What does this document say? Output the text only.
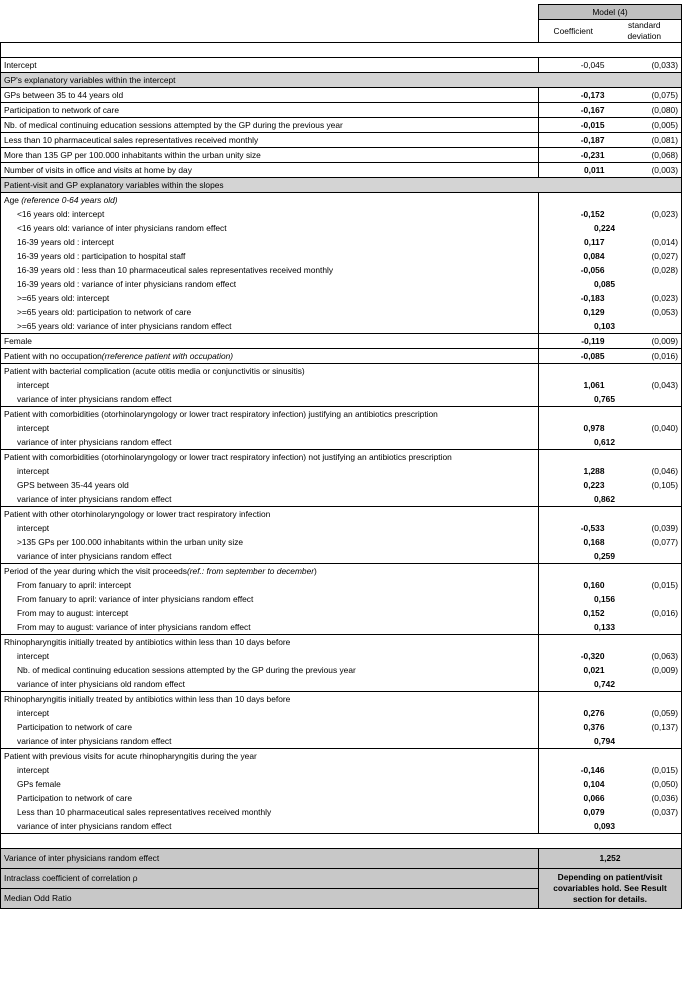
	Model (4)	
	Coefficient	standard
deviation

Intercept	-0,045	(0,033)
GP's explanatory variables within the intercept		
GPs between 35 to 44 years old	-0,173	(0,075)
Participation to network of care	-0,167	(0,080)
Nb. of medical continuing education sessions attempted by the GP during the previous year	-0,015	(0,005)
Less than 10 pharmaceutical sales representatives received monthly	-0,187	(0,081)
More than 135 GP per 100.000 inhabitants within the urban unity size	-0,231	(0,068)
Number of visits in office and visits at home by day	0,011	(0,003)
Patient-visit and GP explanatory variables within the slopes		
Age (reference 0-64 years old)		
<16 years old: intercept	-0,152	(0,023)
<16 years old: variance of inter physicians random effect	0,224	
16-39 years old : intercept	0,117	(0,014)
16-39 years old : participation to hospital staff	0,084	(0,027)
16-39 years old : less than 10 pharmaceutical sales representatives received monthly	-0,056	(0,028)
16-39 years old : variance of inter physicians random effect	0,085	
>=65 years old: intercept	-0,183	(0,023)
>=65 years old: participation to network of care	0,129	(0,053)
>=65 years old: variance of inter physicians random effect	0,103	
Female	-0,119	(0,009)
Patient with no occupation(rreference patient with occupation)	-0,085	(0,016)
Patient with bacterial complication (acute otitis media or conjunctivitis or sinusitis)		
intercept	1,061	(0,043)
variance of inter physicians random effect	0,765	
Patient with comorbidities (otorhinolaryngology or lower tract respiratory infection) justifying an antibiotics prescription		
intercept	0,978	(0,040)
variance of inter physicians random effect	0,612	
Patient with comorbidities (otorhinolaryngology or lower tract respiratory infection) not justifying an antibiotics prescription		
intercept	1,288	(0,046)
GPS between 35-44 years old	0,223	(0,105)
variance of inter physicians random effect	0,862	
Patient with other otorhinolaryngology or lower tract respiratory infection		
intercept	-0,533	(0,039)
>135 GPs per 100.000 inhabitants within the urban unity size	0,168	(0,077)
variance of inter physicians random effect	0,259	
Period of the year during which the visit proceeds(ref.: from september to december)		
From fanuary to april: intercept	0,160	(0,015)
From fanuary to april: variance of inter physicians random effect	0,156	
From may to august: intercept	0,152	(0,016)
From may to august: variance of inter physicians random effect	0,133	
Rhinopharyngitis initially treated by antibiotics within less than 10 days before		
intercept	-0,320	(0,063)
Nb. of medical continuing education sessions attempted by the GP during the previous year	0,021	(0,009)
variance of inter physicians old random effect	0,742	
Rhinopharyngitis initially treated by antibiotics within less than 10 days before		
intercept	0,276	(0,059)
Participation to network of care	0,376	(0,137)
variance of inter physicians random effect	0,794	
Patient with previous visits for acute rhinopharyngitis during the year		
intercept	-0,146	(0,015)
GPs female	0,104	(0,050)
Participation to network of care	0,066	(0,036)
Less than 10 pharmaceutical sales representatives received monthly	0,079	(0,037)
variance of inter physicians random effect	0,093	

Variance of inter physicians random effect	1,252	
Intraclass coefficient of correlation ρ	Depending on patient/visit covariables hold. See Result section for details.	
Median Odd Ratio		
